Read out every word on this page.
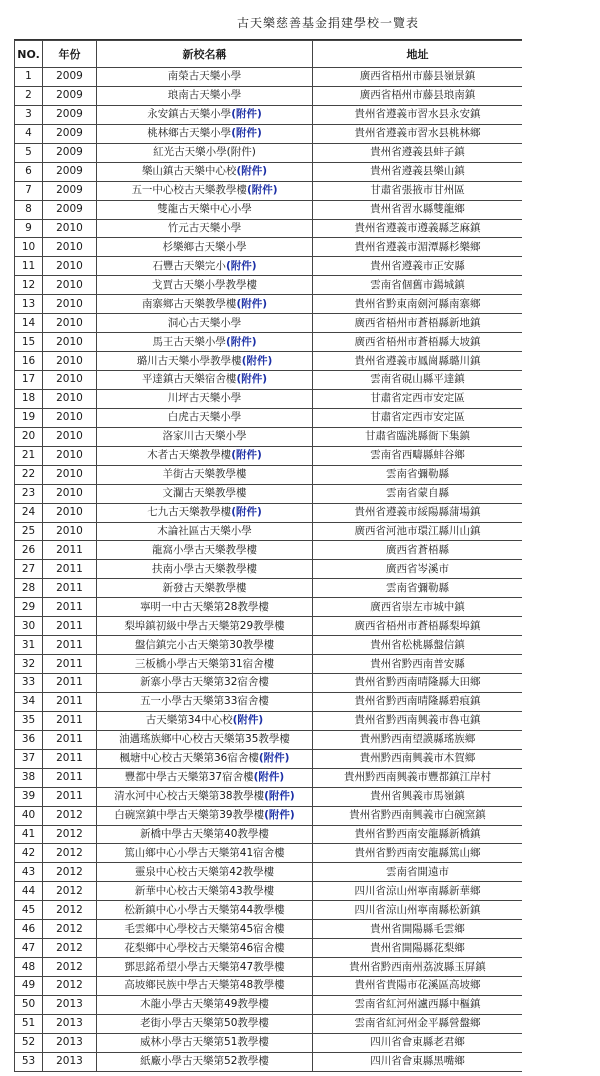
古天樂慈善基金捐建學校一覽表
NO.	年份	新校名稱	地址
1	2009	南榮古天樂小學	廣西省梧州市藤县嶺景鎮
2	2009	琅南古天樂小學	廣西省梧州市藤县琅南鎮
3	2009	永安鎮古天樂小學(附件)	貴州省遵義市習水县永安鎮
4	2009	桃林鄉古天樂小學(附件)	貴州省遵義市習水县桃林鄉
5	2009	紅光古天樂小學(附件)	貴州省遵義县蚌子鎮
6	2009	樂山鎮古天樂中心校(附件)	貴州省遵義县樂山鎮
7	2009	五一中心校古天樂教學樓(附件)	甘肅省張掖市甘州區
8	2009	雙龍古天樂中心小學	貴州省習水縣雙龍鄉
9	2010	竹元古天樂小學	貴州省遵義市遵義縣芝麻鎮
10	2010	杉樂鄉古天樂小學	貴州省遵義市湄潭縣杉樂鄉
11	2010	石豐古天樂完小(附件)	貴州省遵義市正安縣
12	2010	戈賈古天樂小學教學樓	雲南省個舊市鍚城鎮
13	2010	南寨鄉古天樂教學樓(附件)	貴州省黔東南劍河縣南寨鄉
14	2010	洞心古天樂小學	廣西省梧州市蒼梧縣新地鎮
15	2010	馬王古天樂小學(附件)	廣西省梧州市蒼梧縣大坡鎮
16	2010	璐川古天樂小學教學樓(附件)	貴州省遵義市鳳崗縣璐川鎮
17	2010	平達鎮古天樂宿舍樓(附件)	雲南省硯山縣平達鎮
18	2010	川坪古天樂小學	甘肅省定西市安定區
19	2010	白虎古天樂小學	甘肅省定西市安定區
20	2010	洛家川古天樂小學	甘肅省臨洮縣衙下集鎮
21	2010	木者古天樂教學樓(附件)	雲南省西疇縣蚌谷鄉
22	2010	羊街古天樂教學樓	雲南省彌勒縣
23	2010	文瀾古天樂教學樓	雲南省蒙自縣
24	2010	七九古天樂教學樓(附件)	貴州省遵義市綏陽縣蒲場鎮
25	2010	木論社區古天樂小學	廣西省河池市環江縣川山鎮
26	2011	龍窩小學古天樂教學樓	廣西省蒼梧縣
27	2011	扶南小學古天樂教學樓	廣西省岑溪市
28	2011	新發古天樂教學樓	雲南省彌勒縣
29	2011	寧明一中古天樂第28教學樓	廣西省崇左市城中鎮
30	2011	梨埠鎮初級中學古天樂第29教學樓	廣西省梧州市蒼梧縣梨埠鎮
31	2011	盤信鎮完小古天樂第30教學樓	貴州省松桃縣盤信鎮
32	2011	三板橋小學古天樂第31宿舍樓	貴州省黔西南普安縣
33	2011	新寨小學古天樂第32宿舍樓	貴州省黔西南晴隆縣大田鄉
34	2011	五一小學古天樂第33宿舍樓	貴州省黔西南晴隆縣碧痕鎮
35	2011	古天樂第34中心校(附件)	貴州省黔西南興義市魯屯鎮
36	2011	油邁瑤族鄉中心校古天樂第35教學樓	貴州黔西南望謨縣瑤族鄉
37	2011	楓塘中心校古天樂第36宿舍樓(附件)	貴州黔西南興義市木賀鄉
38	2011	豐都中學古天樂第37宿舍樓(附件)	貴州黔西南興義市豐都鎮江岸村
39	2011	清水河中心校古天樂第38教學樓(附件)	貴州省興義市馬嶺鎮
40	2012	白碗窯鎮中學古天樂第39教學樓(附件)	貴州省黔西南興義市白碗窯鎮
41	2012	新橋中學古天樂第40教學樓	貴州省黔西南安龍縣新橋鎮
42	2012	篤山鄉中心小學古天樂第41宿舍樓	貴州省黔西南安龍縣篤山鄉
43	2012	靈泉中心校古天樂第42教學樓	雲南省開遠市
44	2012	新華中心校古天樂第43教學樓	四川省涼山州寧南縣新華鄉
45	2012	松新鎮中心小學古天樂第44教學樓	四川省涼山州寧南縣松新鎮
46	2012	毛雲鄉中心學校古天樂第45宿舍樓	貴州省開陽縣毛雲鄉
47	2012	花梨鄉中心學校古天樂第46宿舍樓	貴州省開陽縣花梨鄉
48	2012	鄧思銘希望小學古天樂第47教學樓	貴州省黔西南州荔波縣玉屏鎮
49	2012	高坡鄉民族中學古天樂第48教學樓	貴州省貴陽市花溪區高坡鄉
50	2013	木龍小學古天樂第49教學樓	雲南省紅河州瀘西縣中樞鎮
51	2013	老街小學古天樂第50教學樓	雲南省紅河州金平縣營盤鄉
52	2013	威林小學古天樂第51教學樓	四川省會東縣老君鄉
53	2013	紙廠小學古天樂第52教學樓	四川省會東縣黑嘴鄉
